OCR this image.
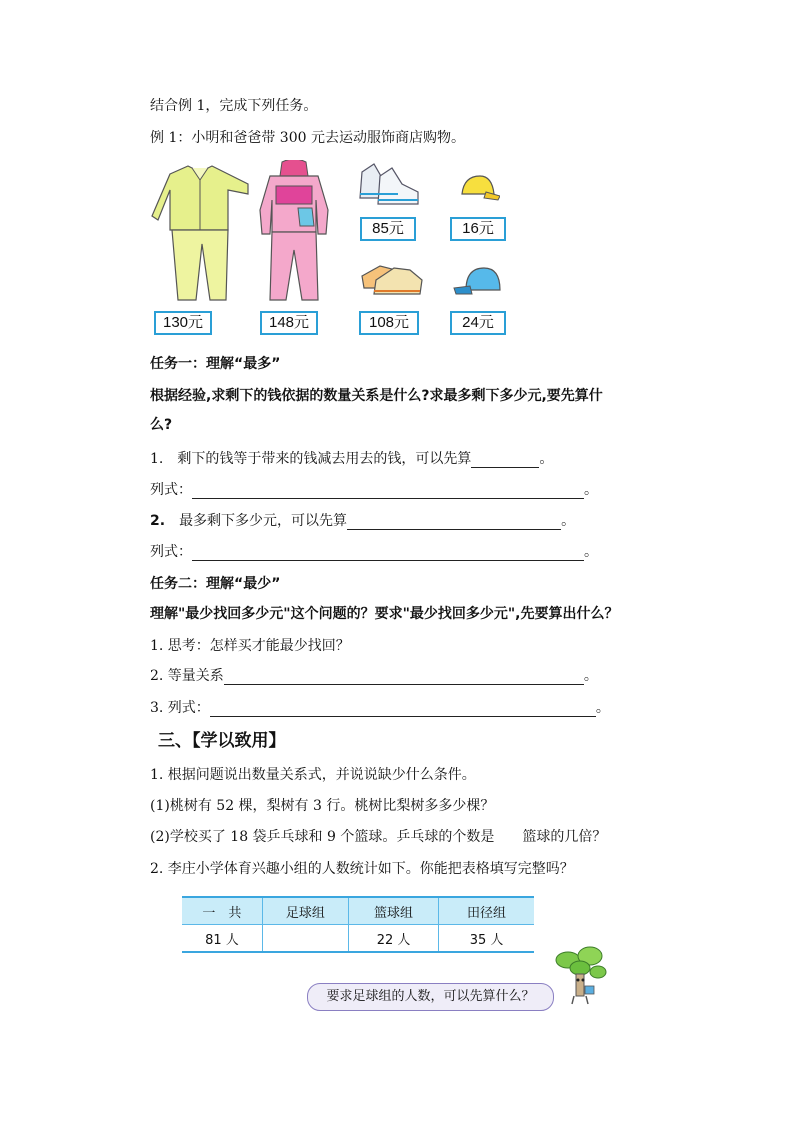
结合例 1，完成下列任务。
例 1：小明和爸爸带 300 元去运动服饰商店购物。
85元	16元
130元	148元	108元	24元
任务一：理解“最多”
根据经验,求剩下的钱依据的数量关系是什么?求最多剩下多少元,要先算什
么?
1.　剩下的钱等于带来的钱减去用去的钱，可以先算	。
列式：	。
2.　 最多剩下多少元，可以先算	。
列式：	。
任务二：理解“最少”
理解"最少找回多少元"这个问题的？要求"最少找回多少元",先要算出什么？
1. 思考：怎样买才能最少找回？
2. 等量关系	。
3. 列式：	。
三、【学以致用】
1. 根据问题说出数量关系式，并说说缺少什么条件。
(1)桃树有 52 棵，梨树有 3 行。桃树比梨树多多少棵？
(2)学校买了 18 袋乒乓球和 9 个篮球。乒乓球的个数是　　篮球的几倍？
2. 李庄小学体育兴趣小组的人数统计如下。你能把表格填写完整吗？
一　共	足球组	篮球组	田径组
81 人		22 人	35 人
要求足球组的人数，可以先算什么？
